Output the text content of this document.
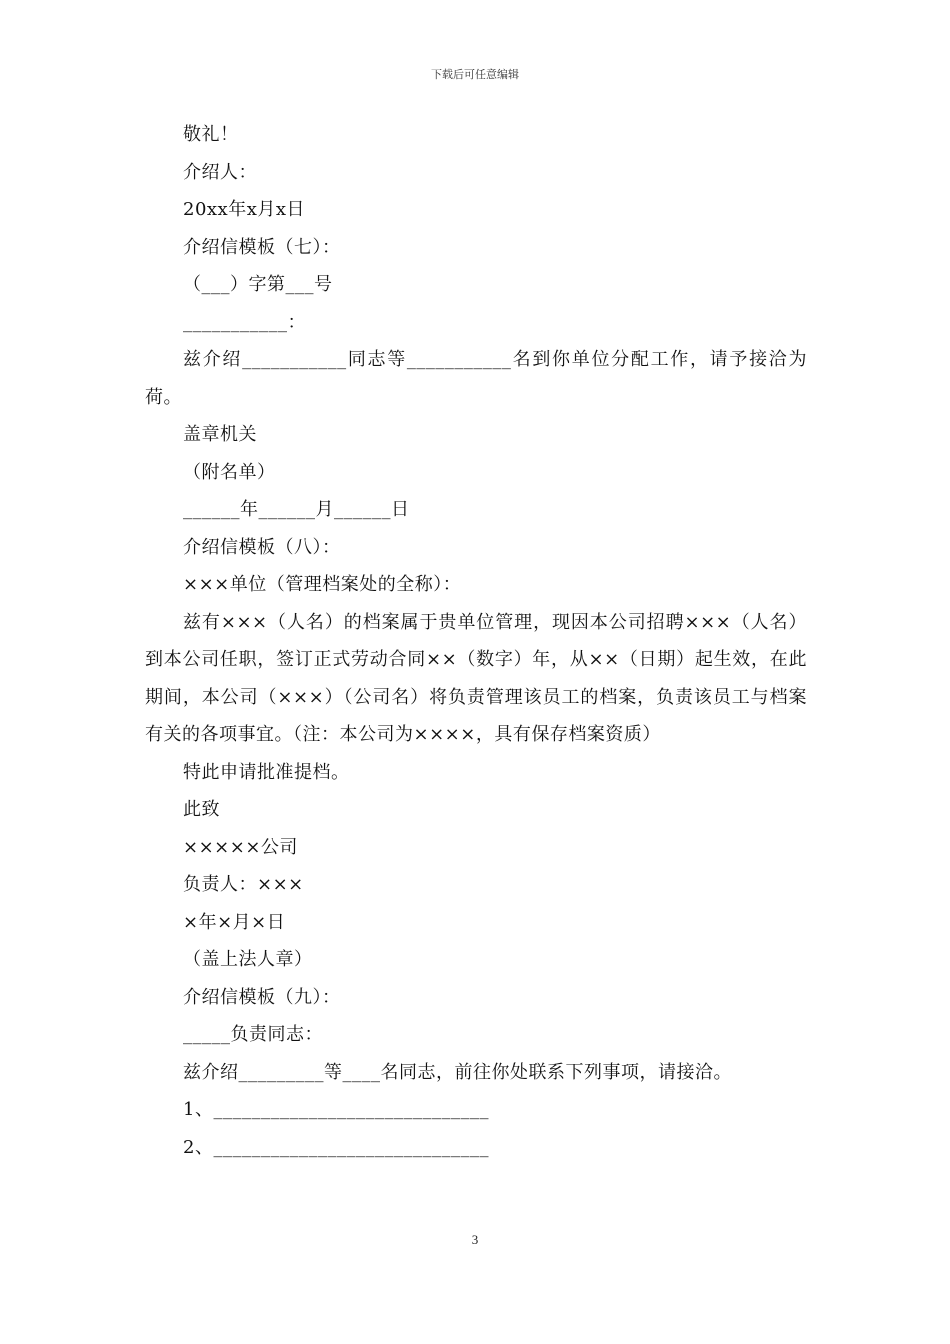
下载后可任意编辑

敬礼！

介绍人：

20xx年x月x日

介绍信模板（七）：

（___）字第___号

___________：

兹介绍___________同志等___________名到你单位分配工作，请予接洽为荷。

盖章机关

（附名单）

______年______月______日

介绍信模板（八）：

×××单位（管理档案处的全称）：

兹有×××（人名）的档案属于贵单位管理，现因本公司招聘×××（人名）到本公司任职，签订正式劳动合同××（数字）年，从××（日期）起生效，在此期间，本公司（×××）（公司名）将负责管理该员工的档案，负责该员工与档案有关的各项事宜。（注：本公司为××××，具有保存档案资质）

特此申请批准提档。

此致

×××××公司

负责人：×××

×年×月×日

（盖上法人章）

介绍信模板（九）：

_____负责同志：

兹介绍_________等____名同志，前往你处联系下列事项，请接洽。

1、_____________________________

2、_____________________________

3
